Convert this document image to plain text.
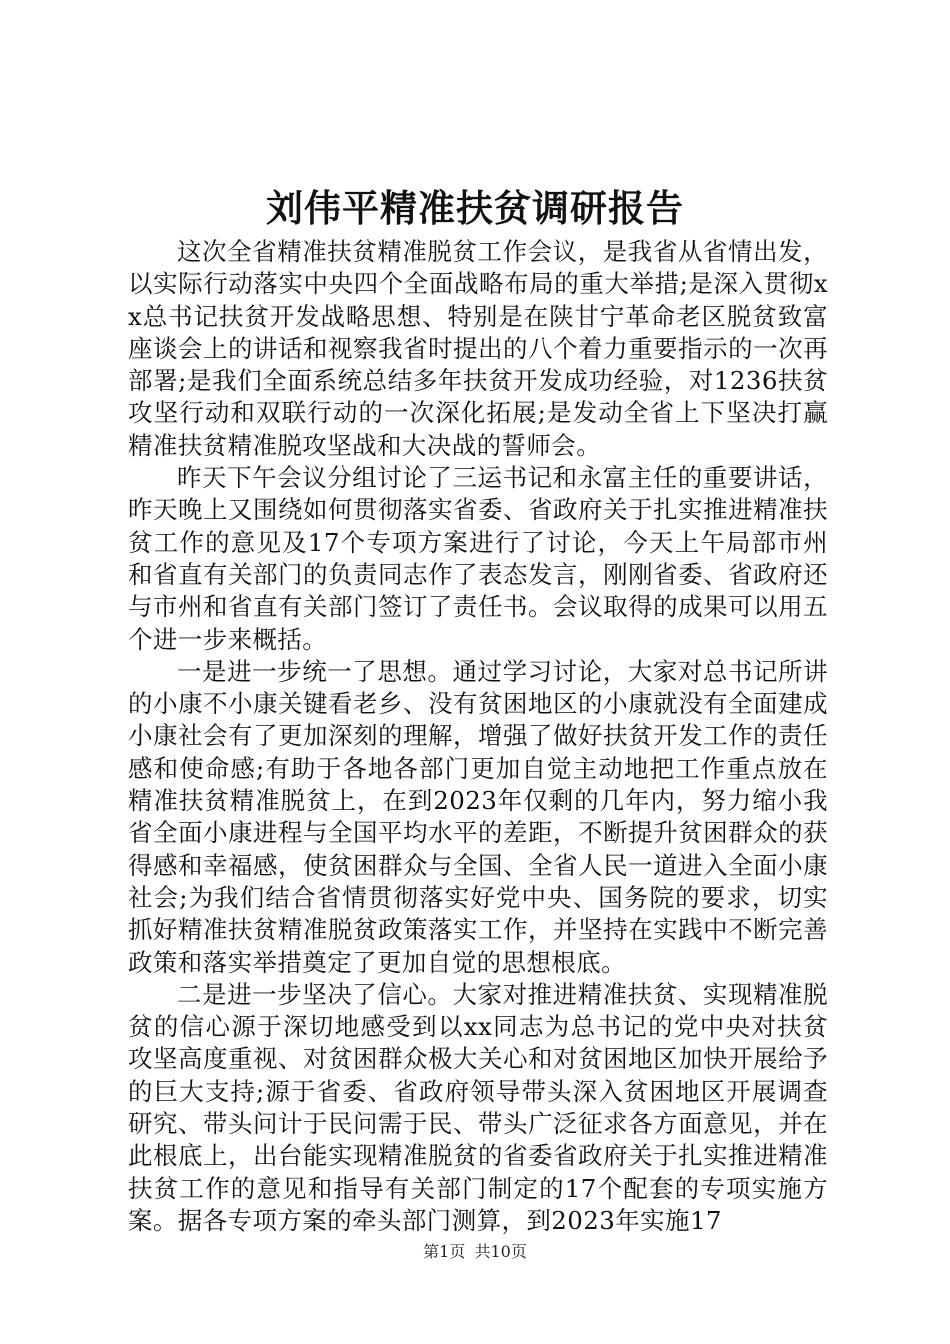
刘伟平精准扶贫调研报告

这次全省精准扶贫精准脱贫工作会议，是我省从省情出发，以实际行动落实中央四个全面战略布局的重大举措;是深入贯彻xx总书记扶贫开发战略思想、特别是在陕甘宁革命老区脱贫致富座谈会上的讲话和视察我省时提出的八个着力重要指示的一次再部署;是我们全面系统总结多年扶贫开发成功经验，对1236扶贫攻坚行动和双联行动的一次深化拓展;是发动全省上下坚决打赢精准扶贫精准脱攻坚战和大决战的誓师会。

昨天下午会议分组讨论了三运书记和永富主任的重要讲话，昨天晚上又围绕如何贯彻落实省委、省政府关于扎实推进精准扶贫工作的意见及17个专项方案进行了讨论，今天上午局部市州和省直有关部门的负责同志作了表态发言，刚刚省委、省政府还与市州和省直有关部门签订了责任书。会议取得的成果可以用五个进一步来概括。

一是进一步统一了思想。通过学习讨论，大家对总书记所讲的小康不小康关键看老乡、没有贫困地区的小康就没有全面建成小康社会有了更加深刻的理解，增强了做好扶贫开发工作的责任感和使命感;有助于各地各部门更加自觉主动地把工作重点放在精准扶贫精准脱贫上，在到2023年仅剩的几年内，努力缩小我省全面小康进程与全国平均水平的差距，不断提升贫困群众的获得感和幸福感，使贫困群众与全国、全省人民一道进入全面小康社会;为我们结合省情贯彻落实好党中央、国务院的要求，切实抓好精准扶贫精准脱贫政策落实工作，并坚持在实践中不断完善政策和落实举措奠定了更加自觉的思想根底。

二是进一步坚决了信心。大家对推进精准扶贫、实现精准脱贫的信心源于深切地感受到以xx同志为总书记的党中央对扶贫攻坚高度重视、对贫困群众极大关心和对贫困地区加快开展给予的巨大支持;源于省委、省政府领导带头深入贫困地区开展调查研究、带头问计于民问需于民、带头广泛征求各方面意见，并在此根底上，出台能实现精准脱贫的省委省政府关于扎实推进精准扶贫工作的意见和指导有关部门制定的17个配套的专项实施方案。据各专项方案的牵头部门测算，到2023年实施17

第1页 共10页
